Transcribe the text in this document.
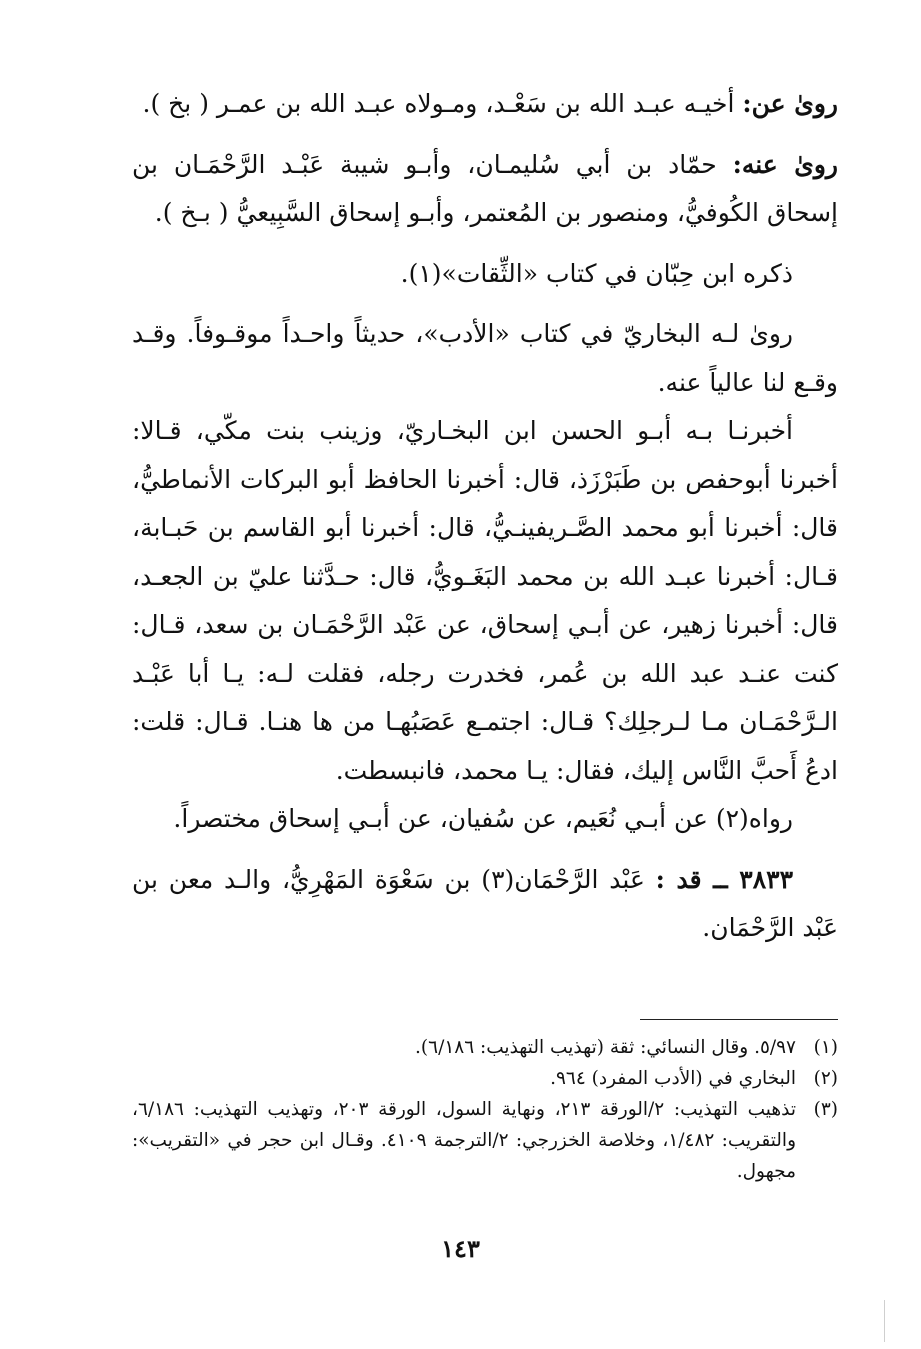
روىٰ عن: أخيـه عبـد الله بن سَعْـد، ومـولاه عبـد الله بن عمـر ( بخ ).

روىٰ عنه: حمّاد بن أبي سُليمـان، وأبـو شيبة عَبْـد الرَّحْمَـان بن إسحاق الكُوفيُّ، ومنصور بن المُعتمر، وأبـو إسحاق السَّبِيعيُّ ( بـخ ).

ذكره ابن حِبّان في كتاب «الثِّقات»(١).

روىٰ لـه البخاريّ في كتاب «الأدب»، حديثاً واحـداً موقـوفاً. وقـد وقـع لنا عالياً عنه.

أخبرنـا بـه أبـو الحسن ابن البخـاريّ، وزينب بنت مكّي، قـالا: أخبرنا أبوحفص بن طَبَرْزَذ، قال: أخبرنا الحافظ أبو البركات الأنماطيُّ، قال: أخبرنا أبو محمد الصَّـريفينـيُّ، قال: أخبرنا أبو القاسم بن حَبـابة، قـال: أخبرنا عبـد الله بن محمد البَغَـويُّ، قال: حـدَّثنا عليّ بن الجعـد، قال: أخبرنا زهير، عن أبـي إسحاق، عن عَبْد الرَّحْمَـان بن سعد، قـال: كنت عنـد عبد الله بن عُمر، فخدرت رجله، فقلت لـه: يـا أبا عَبْـد الـرَّحْمَـان مـا لـرجلِك؟ قـال: اجتمـع عَصَبُهـا من ها هنـا. قـال: قلت: ادعُ أَحبَّ النَّاس إليك، فقال: يـا محمد، فانبسطت.

رواه(٢) عن أبـي نُعَيم، عن سُفيان، عن أبـي إسحاق مختصراً.

٣٨٣٣ ــ قد : عَبْد الرَّحْمَان(٣) بن سَعْوَة المَهْرِيُّ، والـد معن بن عَبْد الرَّحْمَان.

(١)
٥/٩٧. وقال النسائي: ثقة (تهذيب التهذيب: ٦/١٨٦).
(٢)
البخاري في (الأدب المفرد) ٩٦٤.
(٣)
تذهيب التهذيب: ٢/الورقة ٢١٣، ونهاية السول، الورقة ٢٠٣، وتهذيب التهذيب: ٦/١٨٦، والتقريب: ١/٤٨٢، وخلاصة الخزرجي: ٢/الترجمة ٤١٠٩. وقـال ابن حجر في «التقريب»: مجهول.
١٤٣
